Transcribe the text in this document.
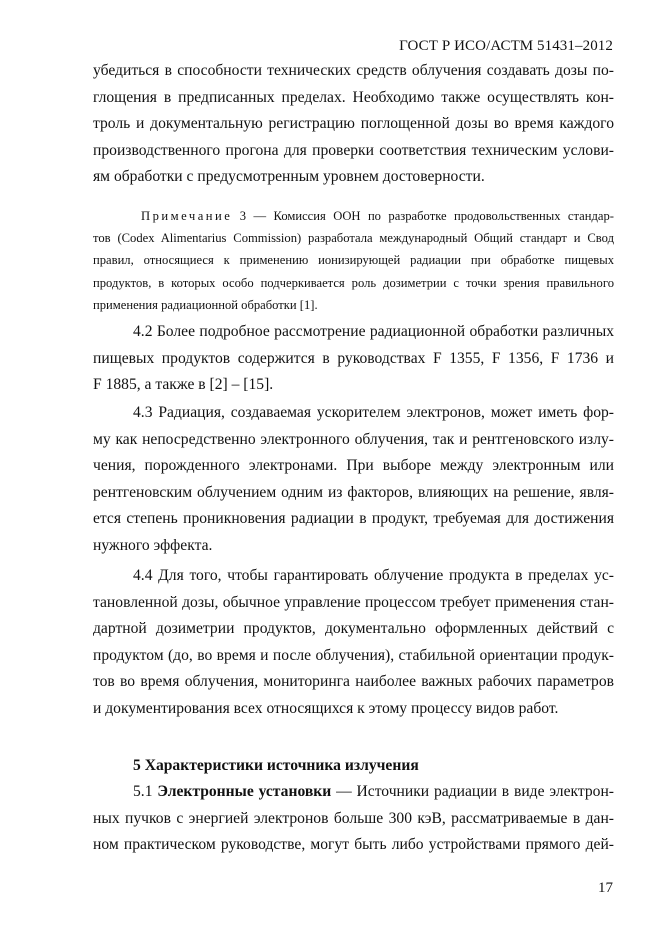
ГОСТ Р ИСО/АСТМ 51431–2012
убедиться в способности технических средств облучения создавать дозы по-
глощения в предписанных пределах. Необходимо также осуществлять кон-
троль и документальную регистрацию поглощенной дозы во время каждого
производственного прогона для проверки соответствия техническим услови-
ям обработки с предусмотренным уровнем достоверности.
Примечание 3 — Комиссия ООН по разработке продовольственных стандар-
тов (Codex Alimentarius Commission) разработала международный Общий стандарт и Свод
правил, относящиеся к применению ионизирующей радиации при обработке пищевых
продуктов, в которых особо подчеркивается роль дозиметрии с точки зрения правильного
применения радиационной обработки [1].
4.2 Более подробное рассмотрение радиационной обработки различных
пищевых продуктов содержится в руководствах F 1355, F 1356, F 1736 и
F 1885, а также в [2] – [15].
4.3 Радиация, создаваемая ускорителем электронов, может иметь фор-
му как непосредственно электронного облучения, так и рентгеновского излу-
чения, порожденного электронами. При выборе между электронным или
рентгеновским облучением одним из факторов, влияющих на решение, явля-
ется степень проникновения радиации в продукт, требуемая для достижения
нужного эффекта.
4.4 Для того, чтобы гарантировать облучение продукта в пределах ус-
тановленной дозы, обычное управление процессом требует применения стан-
дартной дозиметрии продуктов, документально оформленных действий с
продуктом (до, во время и после облучения), стабильной ориентации продук-
тов во время облучения, мониторинга наиболее важных рабочих параметров
и документирования всех относящихся к этому процессу видов работ.
5 Характеристики источника излучения
5.1 Электронные установки — Источники радиации в виде электрон-
ных пучков с энергией электронов больше 300 кэВ, рассматриваемые в дан-
ном практическом руководстве, могут быть либо устройствами прямого дей-
17
